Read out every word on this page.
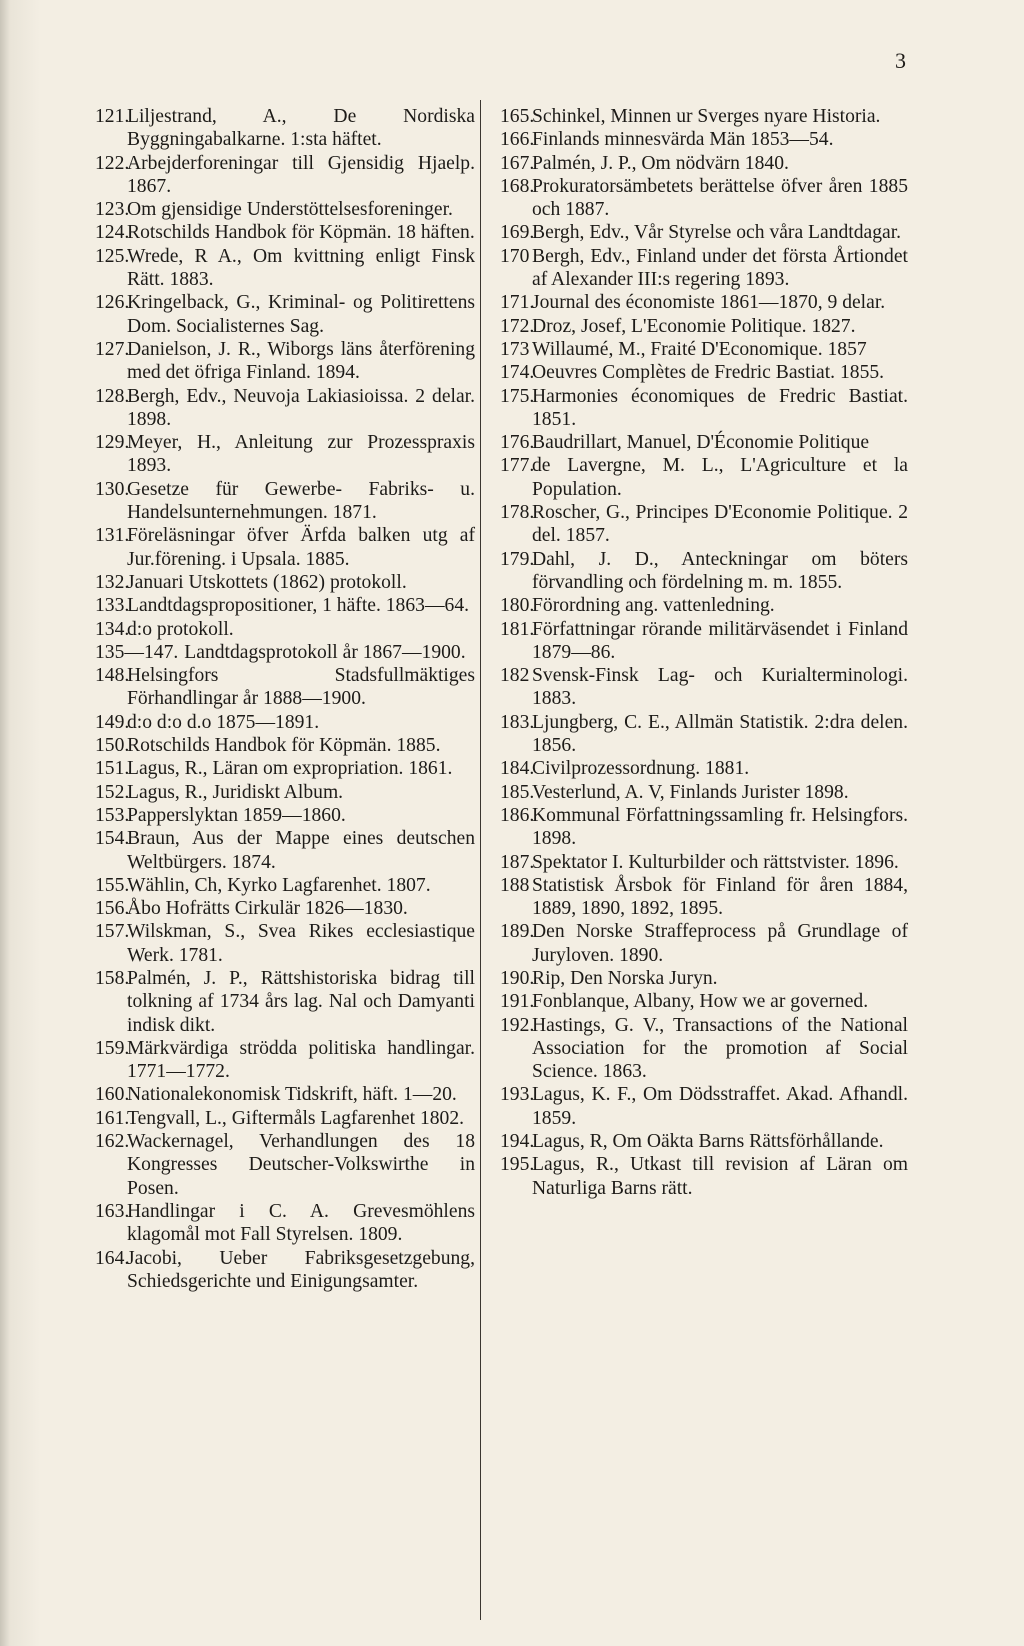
3
121.
Liljestrand, A., De Nordiska Byggningabalkarne. 1:sta häftet.
122.
Arbejderforeningar till Gjensidig Hjaelp. 1867.
123.
Om gjensidige Understöttelsesforeninger.
124.
Rotschilds Handbok för Köpmän. 18 häften.
125.
Wrede, R A., Om kvittning enligt Finsk Rätt. 1883.
126.
Kringelback, G., Kriminal- og Politirettens Dom. Socialisternes Sag.
127.
Danielson, J. R., Wiborgs läns återförening med det öfriga Finland. 1894.
128.
Bergh, Edv., Neuvoja Lakiasioissa. 2 delar. 1898.
129.
Meyer, H., Anleitung zur Prozesspraxis 1893.
130.
Gesetze für Gewerbe- Fabriks- u. Handelsunternehmungen. 1871.
131.
Föreläsningar öfver Ärfda balken utg af Jur.förening. i Upsala. 1885.
132.
Januari Utskottets (1862) protokoll.
133.
Landtdagspropositioner, 1 häfte. 1863—64.
134.
d:o protokoll.
135—147. Landtdagsprotokoll år 1867—1900.
148.
Helsingfors Stadsfullmäktiges Förhandlingar år 1888—1900.
149.
d:o d:o d.o 1875—1891.
150.
Rotschilds Handbok för Köpmän. 1885.
151.
Lagus, R., Läran om expropriation. 1861.
152.
Lagus, R., Juridiskt Album.
153.
Papperslyktan 1859—1860.
154.
Braun, Aus der Mappe eines deutschen Weltbürgers. 1874.
155.
Wählin, Ch, Kyrko Lagfarenhet. 1807.
156.
Åbo Hofrätts Cirkulär 1826—1830.
157.
Wilskman, S., Svea Rikes ecclesiastique Werk. 1781.
158.
Palmén, J. P., Rättshistoriska bidrag till tolkning af 1734 års lag. Nal och Damyanti indisk dikt.
159.
Märkvärdiga strödda politiska handlingar. 1771—1772.
160.
Nationalekonomisk Tidskrift, häft. 1—20.
161.
Tengvall, L., Giftermåls Lagfarenhet 1802.
162.
Wackernagel, Verhandlungen des 18 Kongresses Deutscher-Volkswirthe in Posen.
163.
Handlingar i C. A. Grevesmöhlens klagomål mot Fall Styrelsen. 1809.
164.
Jacobi, Ueber Fabriksgesetzgebung, Schiedsgerichte und Einigungsamter.
165.
Schinkel, Minnen ur Sverges nyare Historia.
166.
Finlands minnesvärda Män 1853—54.
167.
Palmén, J. P., Om nödvärn 1840.
168.
Prokuratorsämbetets berättelse öfver åren 1885 och 1887.
169.
Bergh, Edv., Vår Styrelse och våra Landtdagar.
170 Bergh, Edv., Finland under det första Årtiondet af Alexander III:s regering 1893.
171.
Journal des économiste 1861—1870, 9 delar.
172.
Droz, Josef, L'Economie Politique. 1827.
173 Willaumé, M., Fraité D'Economique. 1857
174.
Oeuvres Complètes de Fredric Bastiat. 1855.
175.
Harmonies économiques de Fredric Bastiat. 1851.
176.
Baudrillart, Manuel, D'Économie Politique
177.
de Lavergne, M. L., L'Agriculture et la Population.
178.
Roscher, G., Principes D'Economie Politique. 2 del. 1857.
179.
Dahl, J. D., Anteckningar om böters förvandling och fördelning m. m. 1855.
180.
Förordning ang. vattenledning.
181.
Författningar rörande militärväsendet i Finland 1879—86.
182 Svensk-Finsk Lag- och Kurialterminologi. 1883.
183.
Ljungberg, C. E., Allmän Statistik. 2:dra delen. 1856.
184.
Civilprozessordnung. 1881.
185.
Vesterlund, A. V, Finlands Jurister 1898.
186.
Kommunal Författningssamling fr. Helsingfors. 1898.
187.
Spektator I. Kulturbilder och rättstvister. 1896.
188 Statistisk Årsbok för Finland för åren 1884, 1889, 1890, 1892, 1895.
189.
Den Norske Straffeprocess på Grundlage of Juryloven. 1890.
190.
Rip, Den Norska Juryn.
191.
Fonblanque, Albany, How we ar governed.
192.
Hastings, G. V., Transactions of the National Association for the promotion af Social Science. 1863.
193.
Lagus, K. F., Om Dödsstraffet. Akad. Afhandl. 1859.
194.
Lagus, R, Om Oäkta Barns Rättsförhållande.
195.
Lagus, R., Utkast till revision af Läran om Naturliga Barns rätt.
